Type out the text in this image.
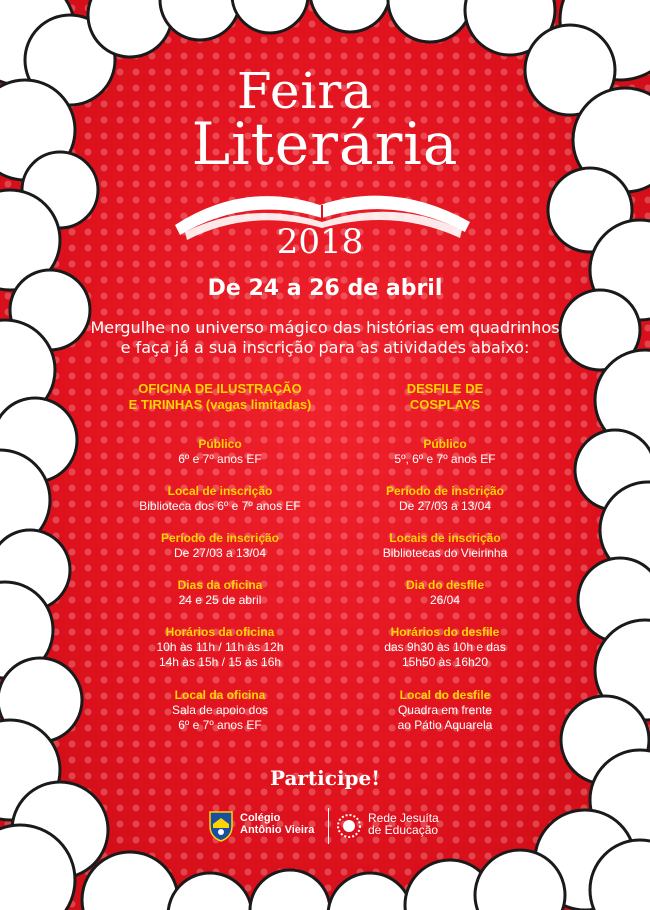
Feira
Literária
2018
De 24 a 26 de abril
Mergulhe no universo mágico das histórias em quadrinhos
e faça já a sua inscrição para as atividades abaixo:
OFICINA DE ILUSTRAÇÃO
E TIRINHAS (vagas limitadas)
Público
6º e 7º anos EF
Local de inscrição
Biblioteca dos 6º e 7º anos EF
Período de inscrição
De 27/03 a 13/04
Dias da oficina
24 e 25 de abril
Horários da oficina
10h às 11h / 11h às 12h
14h às 15h / 15 às 16h
Local da oficina
Sala de apoio dos
6º e 7º anos EF
DESFILE DE
COSPLAYS
Público
5º, 6º e 7º anos EF
Período de inscrição
De 27/03 a 13/04
Locais de inscrição
Bibliotecas do Vieirinha
Dia do desfile
26/04
Horários do desfile
das 9h30 às 10h e das
15h50 às 16h20
Local do desfile
Quadra em frente
ao Pátio Aquarela
Participe!
Colégio
Antônio Vieira
Rede Jesuíta
de Educação
